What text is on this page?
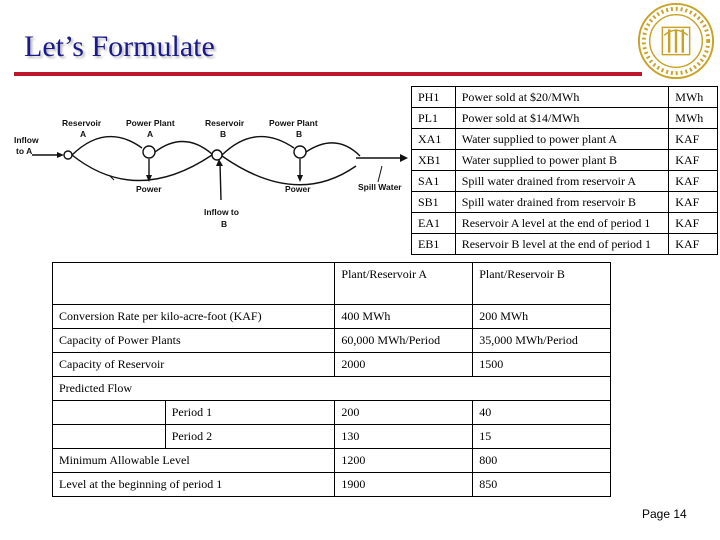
Let’s Formulate
Inflow
to A
Reservoir
A
Power Plant
A
Reservoir
B
Power Plant
B
Power	Power	Spill Water
Inflow to
B
PH1	Power sold at $20/MWh	MWh
PL1	Power sold at $14/MWh	MWh
XA1	Water supplied to power plant A	KAF
XB1	Water supplied to power plant B	KAF
SA1	Spill water drained from reservoir A	KAF
SB1	Spill water drained from reservoir B	KAF
EA1	Reservoir A level at the end of period 1	KAF
EB1	Reservoir B level at the end of period 1	KAF
		Plant/Reservoir A	Plant/Reservoir B
Conversion Rate per kilo-acre-foot (KAF)		400 MWh	200 MWh
Capacity of Power Plants		60,000 MWh/Period	35,000 MWh/Period
Capacity of Reservoir		2000	1500
Predicted Flow			
	Period 1	200	40
	Period 2	130	15
Minimum Allowable Level		1200	800
Level at the beginning of period 1		1900	850
Page 14
